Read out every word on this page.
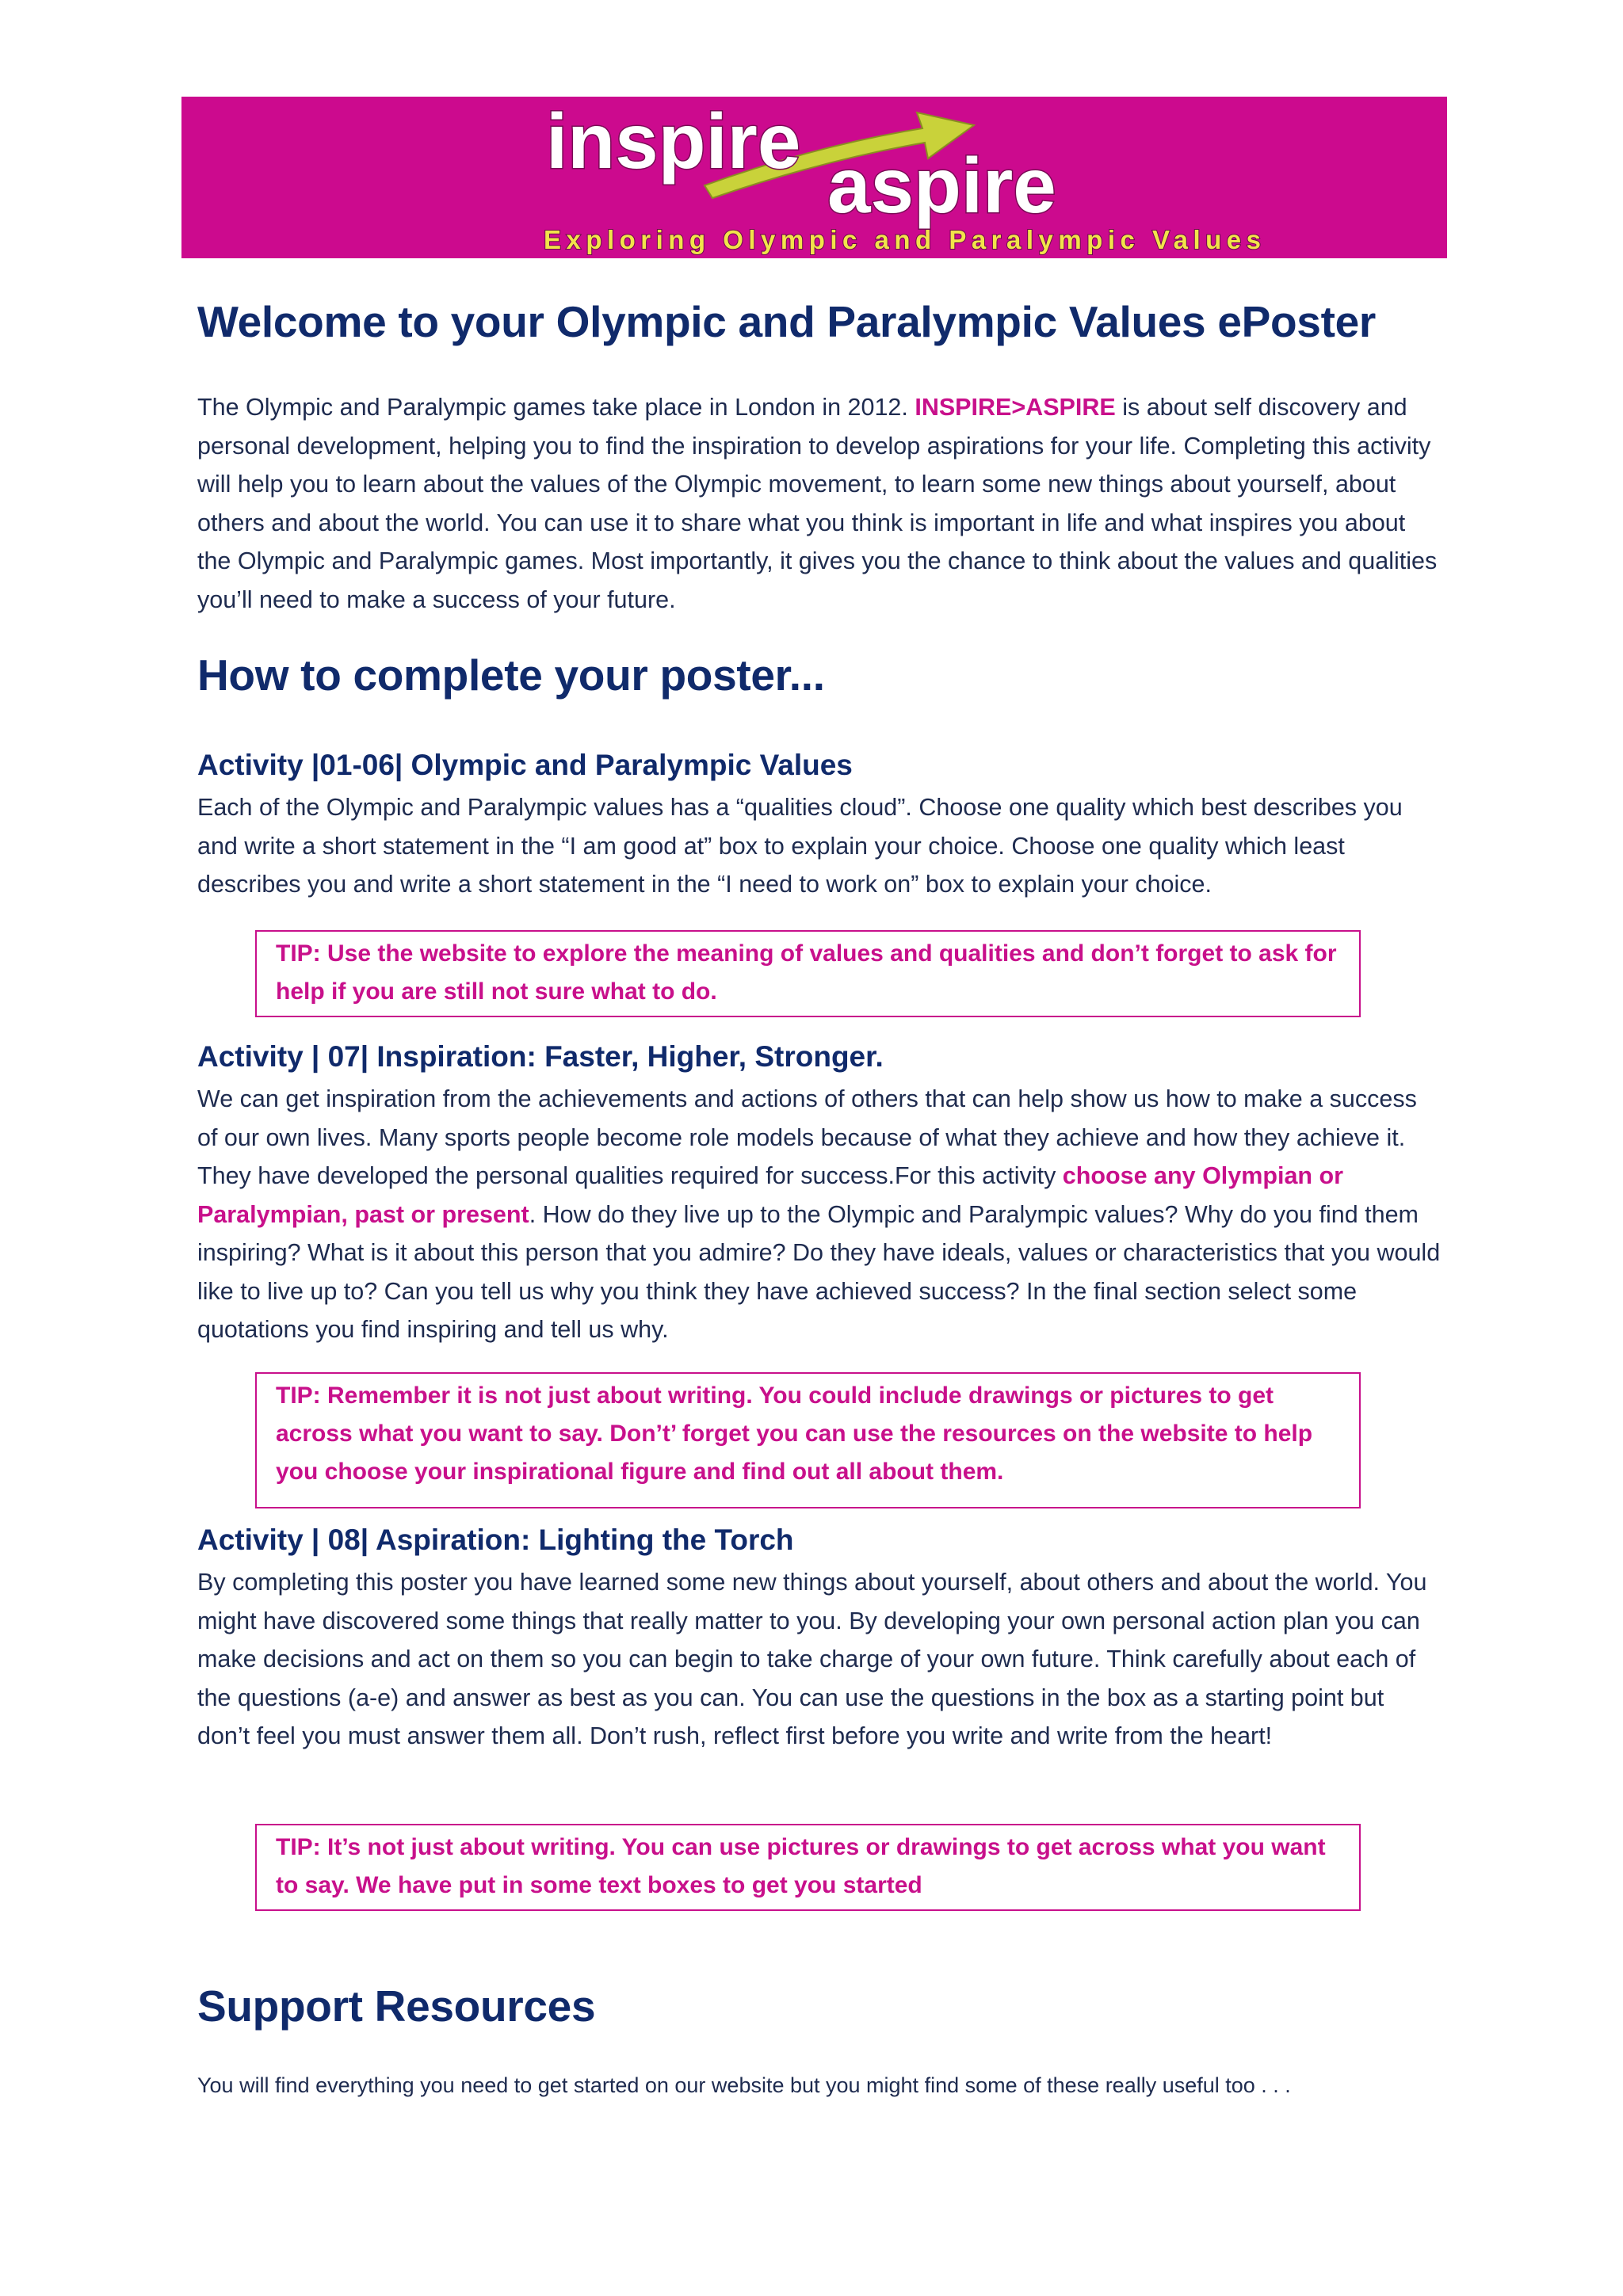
inspire
aspire
Exploring Olympic and Paralympic Values
Welcome to your Olympic and Paralympic Values ePoster

The Olympic and Paralympic games take place in London in 2012. INSPIRE>ASPIRE is about self discovery and personal development, helping you to find the inspiration to develop aspirations for your life. Completing this activity will help you to learn about the values of the Olympic movement, to learn some new things about yourself, about others and about the world. You can use it to share what you think is important in life and what inspires you about the Olympic and Paralympic games. Most importantly, it gives you the chance to think about the values and qualities you’ll need to make a success of your future.

How to complete your poster...
Activity |01-06| Olympic and Paralympic Values

Each of the Olympic and Paralympic values has a “qualities cloud”. Choose one quality which best describes you and write a short statement in the “I am good at” box to explain your choice. Choose one quality which least describes you and write a short statement in the “I need to work on” box to explain your choice.

TIP: Use the website to explore the meaning of values and qualities and don’t forget to ask for help if you are still not sure what to do.
Activity | 07| Inspiration: Faster, Higher, Stronger.

We can get inspiration from the achievements and actions of others that can help show us how to make a success of our own lives. Many sports people become role models because of what they achieve and how they achieve it. They have developed the personal qualities required for success.For this activity choose any Olympian or Paralympian, past or present. How do they live up to the Olympic and Paralympic values? Why do you find them inspiring? What is it about this person that you admire? Do they have ideals, values or characteristics that you would like to live up to? Can you tell us why you think they have achieved success? In the final section select some quotations you find inspiring and tell us why.

TIP: Remember it is not just about writing. You could include drawings or pictures to get across what you want to say. Don’t’ forget you can use the resources on the website to help you choose your inspirational figure and find out all about them.
Activity | 08| Aspiration: Lighting the Torch

By completing this poster you have learned some new things about yourself, about others and about the world. You might have discovered some things that really matter to you. By developing your own personal action plan you can make decisions and act on them so you can begin to take charge of your own future. Think carefully about each of the questions (a-e) and answer as best as you can. You can use the questions in the box as a starting point but don’t feel you must answer them all. Don’t rush, reflect first before you write and write from the heart!

TIP: It’s not just about writing. You can use pictures or drawings to get across what you want to say. We have put in some text boxes to get you started
Support Resources

You will find everything you need to get started on our website but you might find some of these really useful too . . .
